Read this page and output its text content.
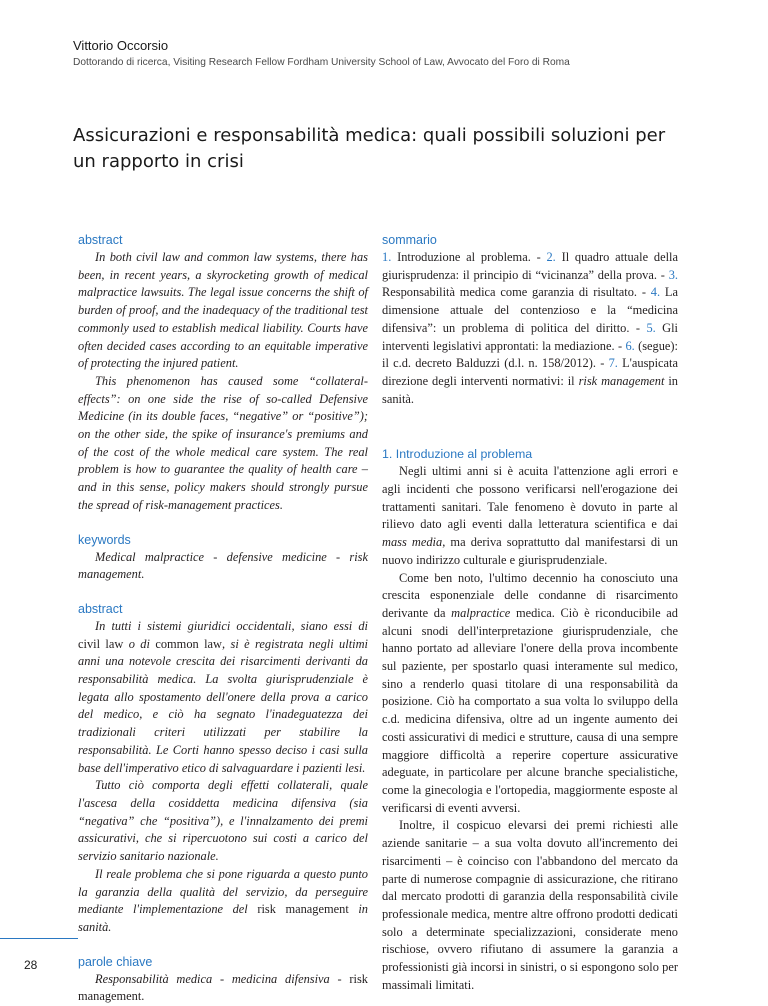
Vittorio Occorsio
Dottorando di ricerca, Visiting Research Fellow Fordham University School of Law, Avvocato del Foro di Roma
Assicurazioni e responsabilità medica: quali possibili soluzioni per un rapporto in crisi
abstract

In both civil law and common law systems, there has been, in recent years, a skyrocketing growth of medical malpractice lawsuits. The legal issue concerns the shift of burden of proof, and the inadequacy of the traditional test commonly used to establish medical liability. Courts have often decided cases according to an equitable imperative of protecting the injured patient.

This phenomenon has caused some “collateral-effects”: on one side the rise of so-called Defensive Medicine (in its double faces, “negative” or “positive”); on the other side, the spike of insurance's premiums and of the cost of the whole medical care system. The real problem is how to guarantee the quality of health care – and in this sense, policy makers should strongly pursue the spread of risk-management practices.

keywords

Medical malpractice - defensive medicine - risk management.

abstract

In tutti i sistemi giuridici occidentali, siano essi di civil law o di common law, si è registrata negli ultimi anni una notevole crescita dei risarcimenti derivanti da responsabilità medica. La svolta giurisprudenziale è legata allo spostamento dell'onere della prova a carico del medico, e ciò ha segnato l'inadeguatezza dei tradizionali criteri utilizzati per stabilire la responsabilità. Le Corti hanno spesso deciso i casi sulla base dell'imperativo etico di salvaguardare i pazienti lesi.

Tutto ciò comporta degli effetti collaterali, quale l'ascesa della cosiddetta medicina difensiva (sia “negativa” che “positiva”), e l'innalzamento dei premi assicurativi, che si ripercuotono sui costi a carico del servizio sanitario nazionale.

Il reale problema che si pone riguarda a questo punto la garanzia della qualità del servizio, da perseguire mediante l'implementazione del risk management in sanità.

parole chiave

Responsabilità medica - medicina difensiva - risk management.

sommario

1. Introduzione al problema. - 2. Il quadro attuale della giurisprudenza: il principio di “vicinanza” della prova. - 3. Responsabilità medica come garanzia di risultato. - 4. La dimensione attuale del contenzioso e la “medicina difensiva”: un problema di politica del diritto. - 5. Gli interventi legislativi approntati: la mediazione. - 6. (segue): il c.d. decreto Balduzzi (d.l. n. 158/2012). - 7. L'auspicata direzione degli interventi normativi: il risk management in sanità.

1. Introduzione al problema

Negli ultimi anni si è acuita l'attenzione agli errori e agli incidenti che possono verificarsi nell'erogazione dei trattamenti sanitari. Tale fenomeno è dovuto in parte al rilievo dato agli eventi dalla letteratura scientifica e dai mass media, ma deriva soprattutto dal manifestarsi di un nuovo indirizzo culturale e giurisprudenziale.

Come ben noto, l'ultimo decennio ha conosciuto una crescita esponenziale delle condanne di risarcimento derivante da malpractice medica. Ciò è riconducibile ad alcuni snodi dell'interpretazione giurisprudenziale, che hanno portato ad alleviare l'onere della prova incombente sul paziente, per spostarlo quasi interamente sul medico, sino a renderlo quasi titolare di una responsabilità da posizione. Ciò ha comportato a sua volta lo sviluppo della c.d. medicina difensiva, oltre ad un ingente aumento dei costi assicurativi di medici e strutture, causa di una sempre maggiore difficoltà a reperire coperture assicurative adeguate, in particolare per alcune branche specialistiche, come la ginecologia e l'ortopedia, maggiormente esposte al verificarsi di eventi avversi.

Inoltre, il cospicuo elevarsi dei premi richiesti alle aziende sanitarie – a sua volta dovuto all'incremento dei risarcimenti – è coinciso con l'abbandono del mercato da parte di numerose compagnie di assicurazione, che ritirano dal mercato prodotti di garanzia della responsabilità civile professionale medica, mentre altre offrono prodotti dedicati solo a determinate specializzazioni, considerate meno rischiose, ovvero rifiutano di assumere la garanzia a professionisti già incorsi in sinistri, o si espongono solo per massimali limitati.

28
